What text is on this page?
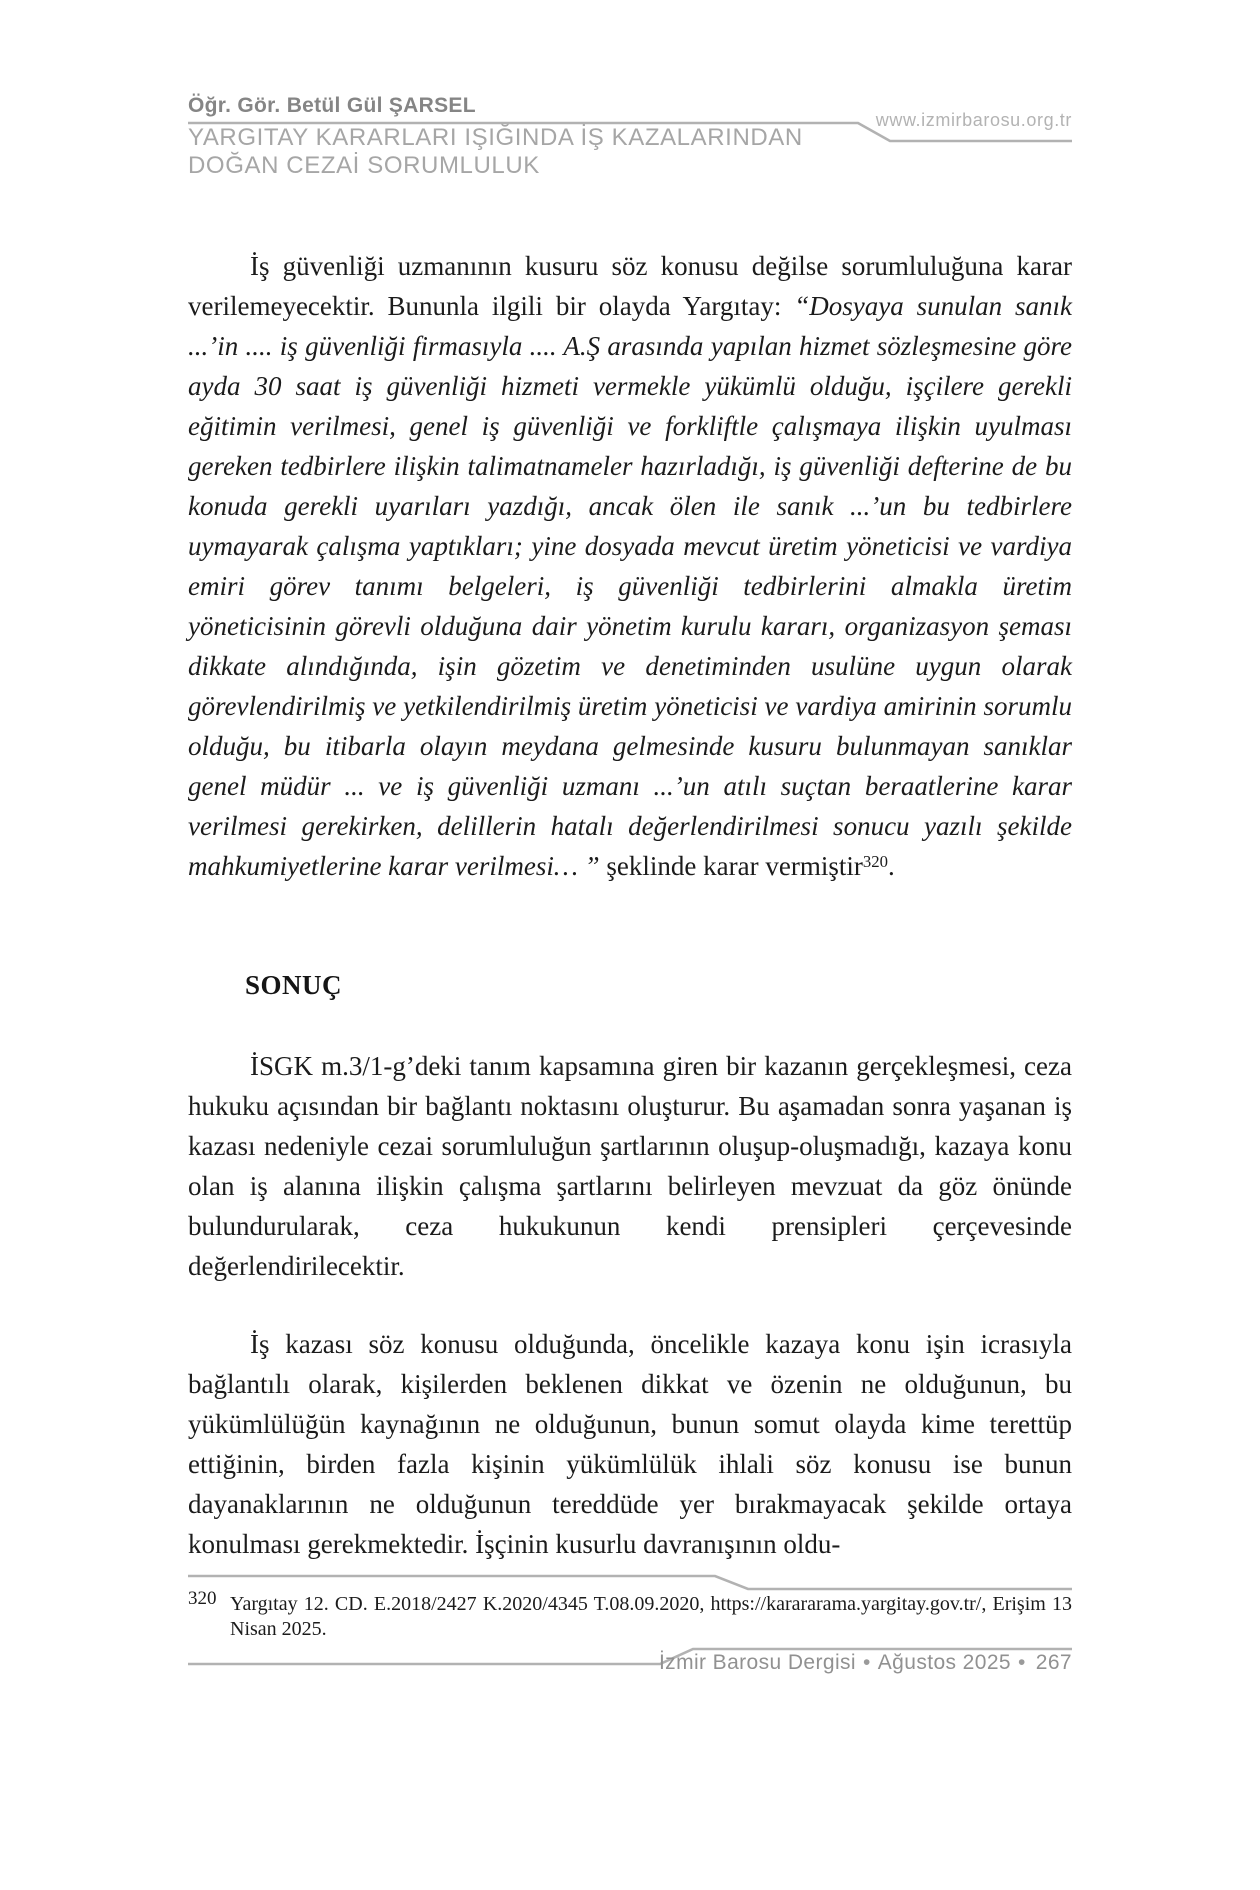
Öğr. Gör. Betül Gül ŞARSEL
www.izmirbarosu.org.tr
YARGITAY KARARLARI IŞIĞINDA İŞ KAZALARINDAN
DOĞAN CEZAİ SORUMLULUK

İş güvenliği uzmanının kusuru söz konusu değilse sorumluluğuna karar verilemeyecektir. Bununla ilgili bir olayda Yargıtay: “Dosyaya sunulan sanık ...’in .... iş güvenliği firmasıyla .... A.Ş arasında yapılan hizmet sözleşmesine göre ayda 30 saat iş güvenliği hizmeti vermekle yükümlü olduğu, işçilere gerekli eğitimin verilmesi, genel iş güvenliği ve forkliftle çalışmaya ilişkin uyulması gereken tedbirlere ilişkin talimatnameler hazırladığı, iş güvenliği defterine de bu konuda gerekli uyarıları yazdığı, ancak ölen ile sanık ...’un bu tedbirlere uymayarak çalışma yaptıkları; yine dosyada mevcut üretim yöneticisi ve vardiya emiri görev tanımı belgeleri, iş güvenliği tedbirlerini almakla üretim yöneticisinin görevli olduğuna dair yönetim kurulu kararı, organizasyon şeması dikkate alındığında, işin gözetim ve denetiminden usulüne uygun olarak görevlendirilmiş ve yetkilendirilmiş üretim yöneticisi ve vardiya amirinin sorumlu olduğu, bu itibarla olayın meydana gelmesinde kusuru bulunmayan sanıklar genel müdür ... ve iş güvenliği uzmanı ...’un atılı suçtan beraatlerine karar verilmesi gerekirken, delillerin hatalı değerlendirilmesi sonucu yazılı şekilde mahkumiyetlerine karar verilmesi… ” şeklinde karar vermiştir$^{320}$.

SONUÇ

İSGK m.3/1-g’deki tanım kapsamına giren bir kazanın gerçekleşmesi, ceza hukuku açısından bir bağlantı noktasını oluşturur. Bu aşamadan sonra yaşanan iş kazası nedeniyle cezai sorumluluğun şartlarının oluşup-oluşmadığı, kazaya konu olan iş alanına ilişkin çalışma şartlarını belirleyen mevzuat da göz önünde bulundurularak, ceza hukukunun kendi prensipleri çerçevesinde değerlendirilecektir.

İş kazası söz konusu olduğunda, öncelikle kazaya konu işin icrasıyla bağlantılı olarak, kişilerden beklenen dikkat ve özenin ne olduğunun, bu yükümlülüğün kaynağının ne olduğunun, bunun somut olayda kime terettüp ettiğinin, birden fazla kişinin yükümlülük ihlali söz konusu ise bunun dayanaklarının ne olduğunun tereddüde yer bırakmayacak şekilde ortaya konulması gerekmektedir. İşçinin kusurlu davranışının oldu-

320 Yargıtay 12. CD. E.2018/2427 K.2020/4345 T.08.09.2020, https://karararama.yargitay.gov.tr/, Erişim 13 Nisan 2025.
İzmir Barosu Dergisi • Ağustos 2025 • 267
